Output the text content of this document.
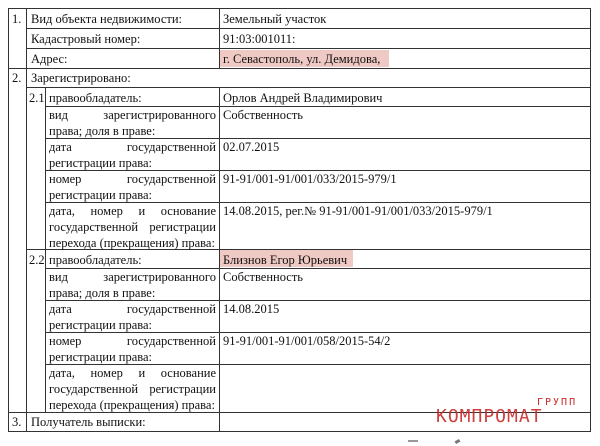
1. Вид объекта недвижимости:	Земельный участок
Кадастровый номер:	91:03:001011:
Адрес:	г. Севастополь, ул. Демидова,
2. Зарегистрировано:
2.1 правообладатель:	Орлов Андрей Владимирович
вид зарегистрированного
права; доля в праве:
Собственность
дата государственной
регистрации права:
02.07.2015
номер государственной
регистрации права:
91-91/001-91/001/033/2015-979/1
дата, номер и основание
государственной регистрации
перехода (прекращения) права:
14.08.2015, рег.№ 91-91/001-91/001/033/2015-979/1
2.2 правообладатель:	Близнов Егор Юрьевич
вид зарегистрированного
права; доля в праве:
Собственность
дата государственной
регистрации права:
14.08.2015
номер государственной
регистрации права:
91-91/001-91/001/058/2015-54/2
дата, номер и основание
государственной регистрации
перехода (прекращения) права:
3. Получатель выписки:
ГРУПП
КОМПРОМАТ
